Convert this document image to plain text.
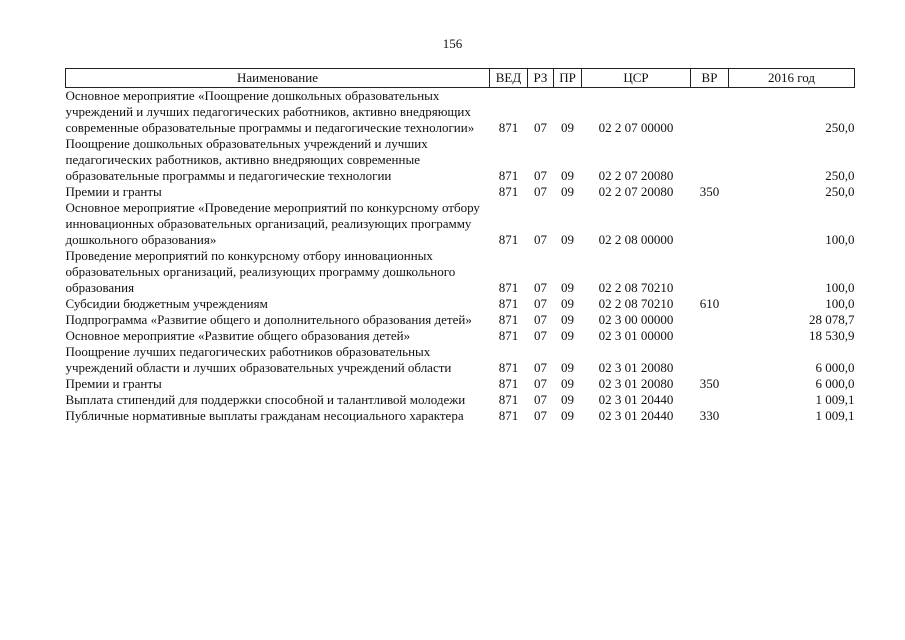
156
Наименование	ВЕД	РЗ	ПР	ЦСР	ВР	2016 год
Основное мероприятие «Поощрение дошкольных образовательных учреждений и лучших педагогических работников, активно внедряющих современные образовательные программы и педагогические технологии»	871	07	09	02 2 07 00000		250,0
Поощрение дошкольных образовательных учреждений и лучших педагогических работников, активно внедряющих современные образовательные программы и педагогические технологии	871	07	09	02 2 07 20080		250,0
Премии и гранты	871	07	09	02 2 07 20080	350	250,0
Основное мероприятие «Проведение мероприятий по конкурсному отбору инновационных образовательных организаций, реализующих программу дошкольного образования»	871	07	09	02 2 08 00000		100,0
Проведение мероприятий по конкурсному отбору инновационных образовательных организаций, реализующих программу дошкольного образования	871	07	09	02 2 08 70210		100,0
Субсидии бюджетным учреждениям	871	07	09	02 2 08 70210	610	100,0
Подпрограмма «Развитие общего и дополнительного образования детей»	871	07	09	02 3 00 00000		28 078,7
Основное мероприятие «Развитие общего образования детей»	871	07	09	02 3 01 00000		18 530,9
Поощрение лучших педагогических работников образовательных учреждений области и лучших образовательных учреждений области	871	07	09	02 3 01 20080		6 000,0
Премии и гранты	871	07	09	02 3 01 20080	350	6 000,0
Выплата стипендий для поддержки способной и талантливой молодежи	871	07	09	02 3 01 20440		1 009,1
Публичные нормативные выплаты гражданам несоциального характера	871	07	09	02 3 01 20440	330	1 009,1
